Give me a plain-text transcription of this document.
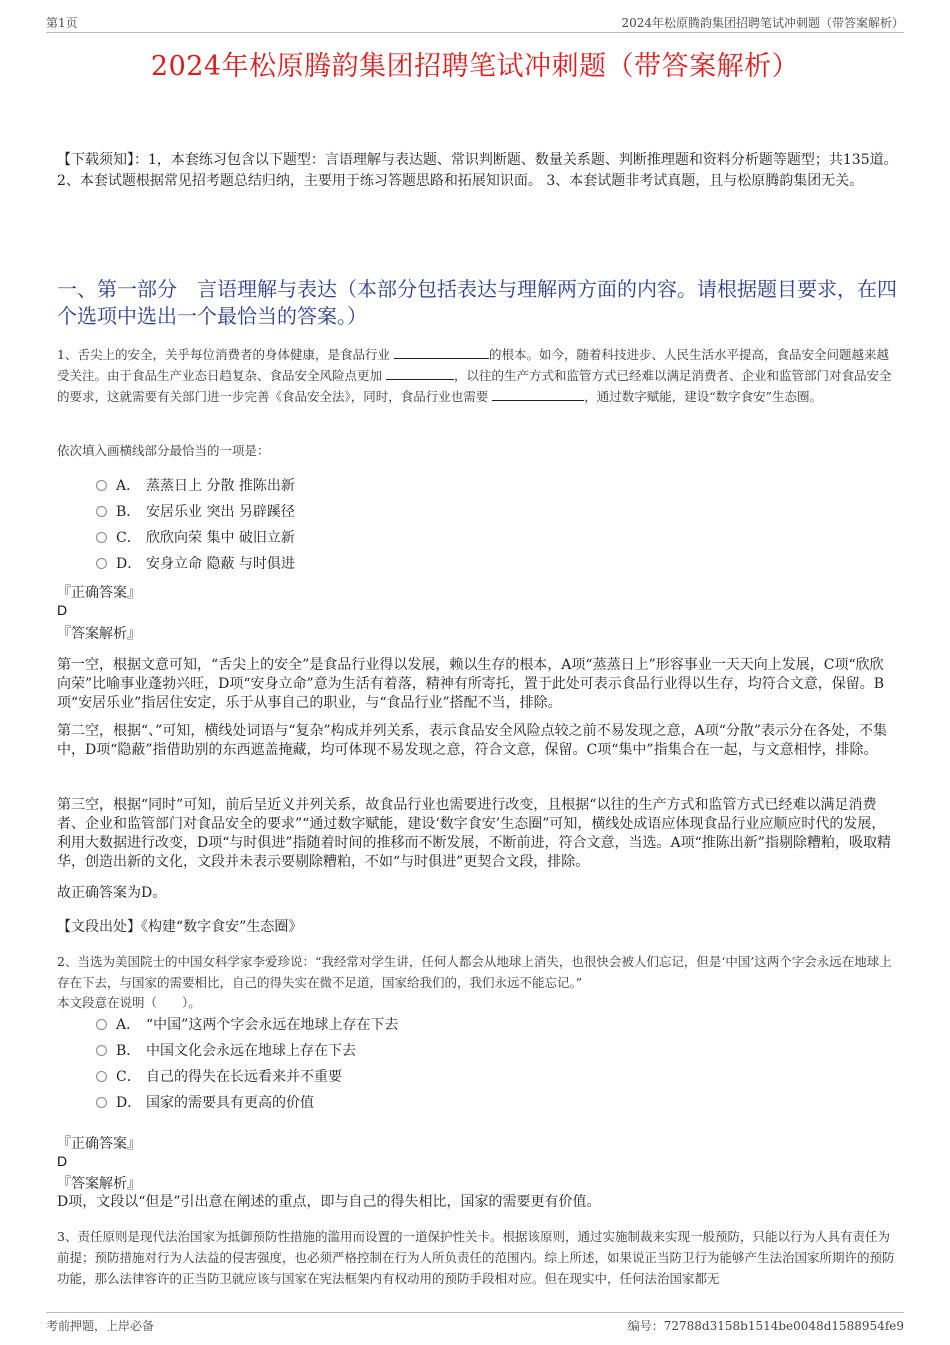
第1页	2024年松原腾韵集团招聘笔试冲刺题（带答案解析）
2024年松原腾韵集团招聘笔试冲刺题（带答案解析）
【下载须知】：1，本套练习包含以下题型：言语理解与表达题、常识判断题、数量关系题、判断推理题和资料分析题等题型；共135道。 2、本套试题根据常见招考题总结归纳，主要用于练习答题思路和拓展知识面。 3、本套试题非考试真题，且与松原腾韵集团无关。
一、第一部分　言语理解与表达（本部分包括表达与理解两方面的内容。请根据题目要求，在四个选项中选出一个最恰当的答案。）
1、舌尖上的安全，关乎每位消费者的身体健康，是食品行业	的根本。如今，随着科技进步、人民生活水平提高，食品安全问题越来越受关注。由于食品生产业态日趋复杂、食品安全风险点更加	，以往的生产方式和监管方式已经难以满足消费者、企业和监管部门对食品安全的要求，这就需要有关部门进一步完善《食品安全法》，同时，食品行业也需要	，通过数字赋能，建设“数字食安”生态圈。
依次填入画横线部分最恰当的一项是：
A． 蒸蒸日上 分散 推陈出新
B． 安居乐业 突出 另辟蹊径
C． 欣欣向荣 集中 破旧立新
D． 安身立命 隐蔽 与时俱进
『正确答案』
D
『答案解析』
第一空，根据文意可知，“舌尖上的安全”是食品行业得以发展，赖以生存的根本，A项“蒸蒸日上”形容事业一天天向上发展，C项“欣欣向荣”比喻事业蓬勃兴旺，D项“安身立命”意为生活有着落，精神有所寄托，置于此处可表示食品行业得以生存，均符合文意，保留。B项“安居乐业”指居住安定，乐于从事自己的职业，与“食品行业”搭配不当，排除。
第二空，根据“、”可知，横线处词语与“复杂”构成并列关系，表示食品安全风险点较之前不易发现之意，A项“分散”表示分在各处，不集中，D项“隐蔽”指借助别的东西遮盖掩藏，均可体现不易发现之意，符合文意，保留。C项“集中”指集合在一起，与文意相悖，排除。
第三空，根据“同时”可知，前后呈近义并列关系，故食品行业也需要进行改变，且根据“以往的生产方式和监管方式已经难以满足消费者、企业和监管部门对食品安全的要求”“通过数字赋能，建设‘数字食安’生态圈”可知，横线处成语应体现食品行业应顺应时代的发展，利用大数据进行改变，D项“与时俱进”指随着时间的推移而不断发展，不断前进，符合文意，当选。A项“推陈出新”指剔除糟粕，吸取精华，创造出新的文化，文段并未表示要剔除糟粕，不如“与时俱进”更契合文段，排除。
故正确答案为D。
【文段出处】《构建“数字食安”生态圈》
2、当选为美国院士的中国女科学家李爱珍说：“我经常对学生讲，任何人都会从地球上消失，也很快会被人们忘记，但是‘中国’这两个字会永远在地球上存在下去，与国家的需要相比，自己的得失实在微不足道，国家给我们的，我们永远不能忘记。”
本文段意在说明（　　）。
A． “中国”这两个字会永远在地球上存在下去
B． 中国文化会永远在地球上存在下去
C． 自己的得失在长远看来并不重要
D． 国家的需要具有更高的价值
『正确答案』
D
『答案解析』
D项，文段以“但是”引出意在阐述的重点，即与自己的得失相比，国家的需要更有价值。
3、责任原则是现代法治国家为抵御预防性措施的滥用而设置的一道保护性关卡。根据该原则，通过实施制裁来实现一般预防，只能以行为人具有责任为前提；预防措施对行为人法益的侵害强度，也必须严格控制在行为人所负责任的范围内。综上所述，如果说正当防卫行为能够产生法治国家所期许的预防功能，那么法律容许的正当防卫就应该与国家在宪法框架内有权动用的预防手段相对应。但在现实中，任何法治国家都无
考前押题，上岸必备	编号：72788d3158b1514be0048d1588954fe9
